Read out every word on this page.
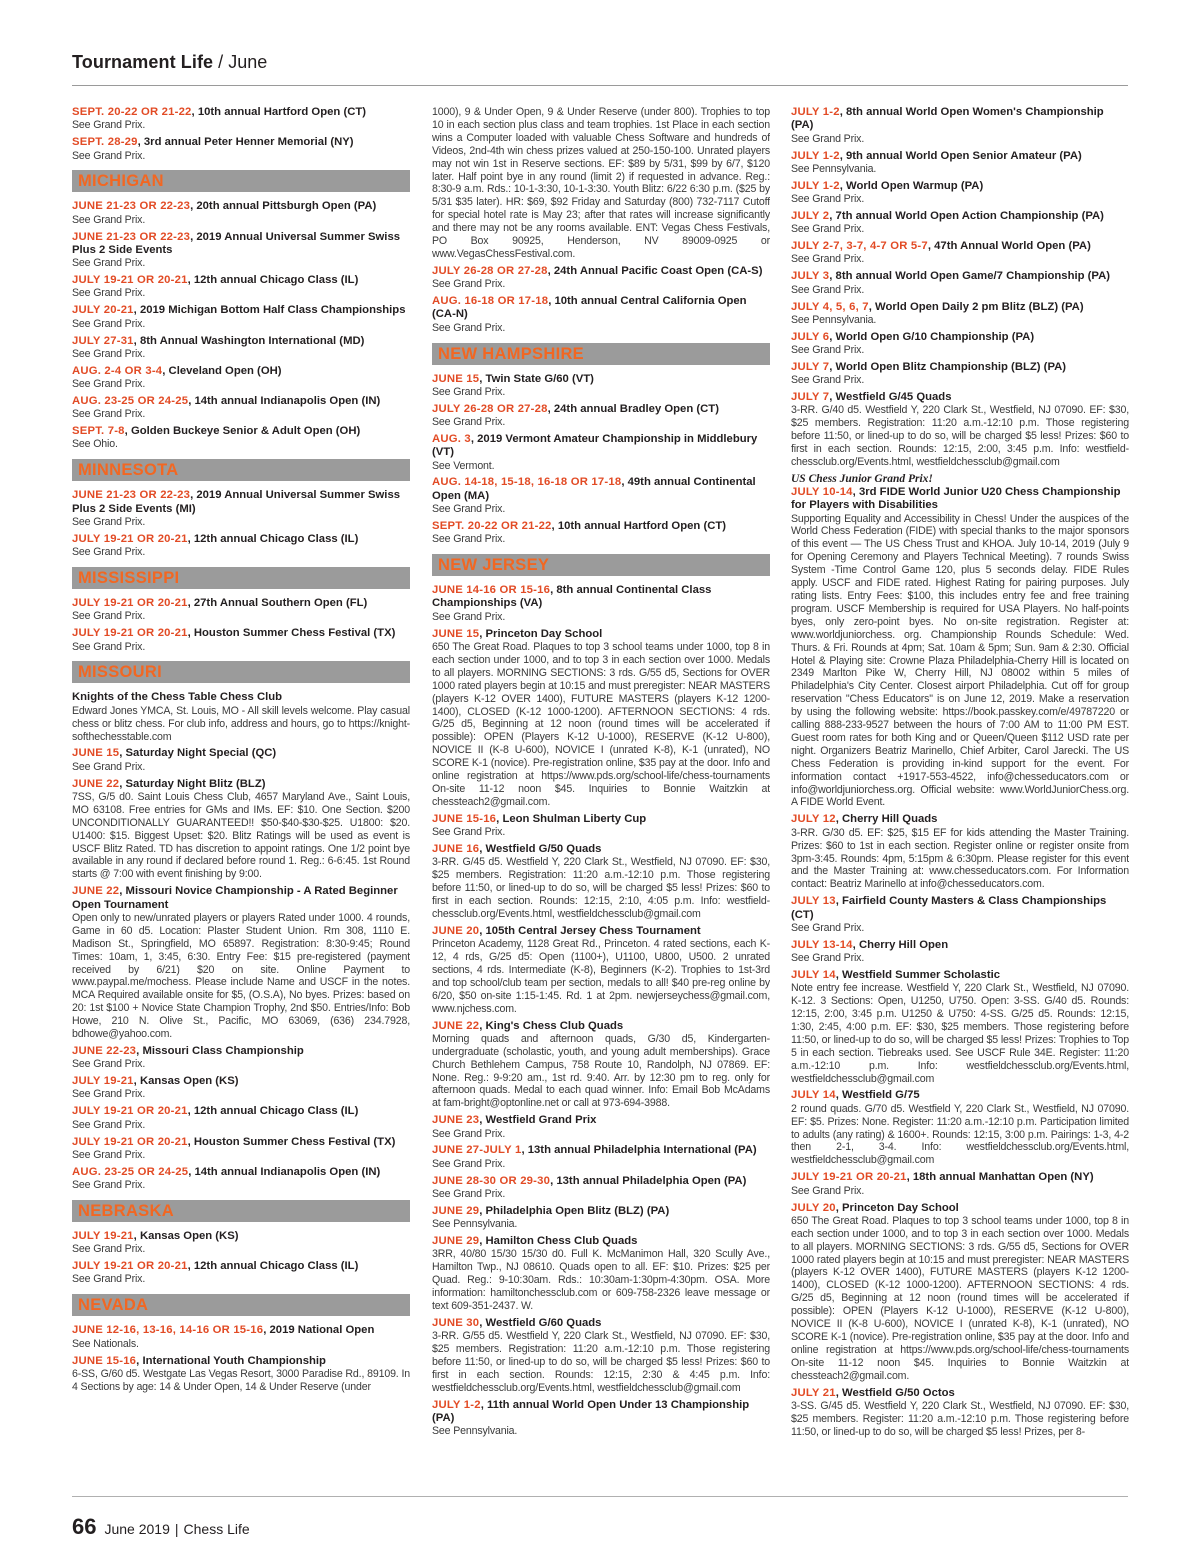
Tournament Life / June
SEPT. 20-22 OR 21-22, 10th annual Hartford Open (CT)
See Grand Prix.
SEPT. 28-29, 3rd annual Peter Henner Memorial (NY)
See Grand Prix.
MICHIGAN
JUNE 21-23 OR 22-23, 20th annual Pittsburgh Open (PA)
See Grand Prix.
JUNE 21-23 OR 22-23, 2019 Annual Universal Summer Swiss Plus 2 Side Events
See Grand Prix.
JULY 19-21 OR 20-21, 12th annual Chicago Class (IL)
See Grand Prix.
JULY 20-21, 2019 Michigan Bottom Half Class Championships
See Grand Prix.
JULY 27-31, 8th Annual Washington International (MD)
See Grand Prix.
AUG. 2-4 OR 3-4, Cleveland Open (OH)
See Grand Prix.
AUG. 23-25 OR 24-25, 14th annual Indianapolis Open (IN)
See Grand Prix.
SEPT. 7-8, Golden Buckeye Senior & Adult Open (OH)
See Ohio.
MINNESOTA
JUNE 21-23 OR 22-23, 2019 Annual Universal Summer Swiss Plus 2 Side Events (MI)
See Grand Prix.
JULY 19-21 OR 20-21, 12th annual Chicago Class (IL)
See Grand Prix.
MISSISSIPPI
JULY 19-21 OR 20-21, 27th Annual Southern Open (FL)
See Grand Prix.
JULY 19-21 OR 20-21, Houston Summer Chess Festival (TX)
See Grand Prix.
MISSOURI
Knights of the Chess Table Chess Club
Edward Jones YMCA, St. Louis, MO - All skill levels welcome. Play casual chess or blitz chess. For club info, address and hours, go to https://knight-softhechesstable.com
JUNE 15, Saturday Night Special (QC)
See Grand Prix.
JUNE 22, Saturday Night Blitz (BLZ)
7SS, G/5 d0. Saint Louis Chess Club, 4657 Maryland Ave., Saint Louis, MO 63108. Free entries for GMs and IMs. EF: $10. One Section. $200 UNCONDITIONALLY GUARANTEED!! $50-$40-$30-$25. U1800: $20. U1400: $15. Biggest Upset: $20. Blitz Ratings will be used as event is USCF Blitz Rated. TD has discretion to appoint ratings. One 1/2 point bye available in any round if declared before round 1. Reg.: 6-6:45. 1st Round starts @ 7:00 with event finishing by 9:00.
JUNE 22, Missouri Novice Championship - A Rated Beginner Open Tournament
Open only to new/unrated players or players Rated under 1000. 4 rounds, Game in 60 d5. Location: Plaster Student Union. Rm 308, 1110 E. Madison St., Springfield, MO 65897. Registration: 8:30-9:45; Round Times: 10am, 1, 3:45, 6:30. Entry Fee: $15 pre-registered (payment received by 6/21) $20 on site. Online Payment to www.paypal.me/mochess. Please include Name and USCF in the notes. MCA Required available onsite for $5, (O.S.A), No byes. Prizes: based on 20: 1st $100 + Novice State Champion Trophy, 2nd $50. Entries/Info: Bob Howe, 210 N. Olive St., Pacific, MO 63069, (636) 234.7928, bdhowe@yahoo.com.
JUNE 22-23, Missouri Class Championship
See Grand Prix.
JULY 19-21, Kansas Open (KS)
See Grand Prix.
JULY 19-21 OR 20-21, 12th annual Chicago Class (IL)
See Grand Prix.
JULY 19-21 OR 20-21, Houston Summer Chess Festival (TX)
See Grand Prix.
AUG. 23-25 OR 24-25, 14th annual Indianapolis Open (IN)
See Grand Prix.
NEBRASKA
JULY 19-21, Kansas Open (KS)
See Grand Prix.
JULY 19-21 OR 20-21, 12th annual Chicago Class (IL)
See Grand Prix.
NEVADA
JUNE 12-16, 13-16, 14-16 OR 15-16, 2019 National Open
See Nationals.
JUNE 15-16, International Youth Championship
6-SS, G/60 d5. Westgate Las Vegas Resort, 3000 Paradise Rd., 89109. In 4 Sections by age: 14 & Under Open, 14 & Under Reserve (under
1000), 9 & Under Open, 9 & Under Reserve (under 800). Trophies to top 10 in each section plus class and team trophies. 1st Place in each section wins a Computer loaded with valuable Chess Software and hundreds of Videos, 2nd-4th win chess prizes valued at 250-150-100. Unrated players may not win 1st in Reserve sections. EF: $89 by 5/31, $99 by 6/7, $120 later. Half point bye in any round (limit 2) if requested in advance. Reg.: 8:30-9 a.m. Rds.: 10-1-3:30, 10-1-3:30. Youth Blitz: 6/22 6:30 p.m. ($25 by 5/31 $35 later). HR: $69, $92 Friday and Saturday (800) 732-7117 Cutoff for special hotel rate is May 23; after that rates will increase significantly and there may not be any rooms available. ENT: Vegas Chess Festivals, PO Box 90925, Henderson, NV 89009-0925 or www.VegasChessFestival.com.
JULY 26-28 OR 27-28, 24th Annual Pacific Coast Open (CA-S)
See Grand Prix.
AUG. 16-18 OR 17-18, 10th annual Central California Open (CA-N)
See Grand Prix.
NEW HAMPSHIRE
JUNE 15, Twin State G/60 (VT)
See Grand Prix.
JULY 26-28 OR 27-28, 24th annual Bradley Open (CT)
See Grand Prix.
AUG. 3, 2019 Vermont Amateur Championship in Middlebury (VT)
See Vermont.
AUG. 14-18, 15-18, 16-18 OR 17-18, 49th annual Continental Open (MA)
See Grand Prix.
SEPT. 20-22 OR 21-22, 10th annual Hartford Open (CT)
See Grand Prix.
NEW JERSEY
JUNE 14-16 OR 15-16, 8th annual Continental Class Championships (VA)
See Grand Prix.
JUNE 15, Princeton Day School
650 The Great Road. Plaques to top 3 school teams under 1000, top 8 in each section under 1000, and to top 3 in each section over 1000. Medals to all players. MORNING SECTIONS: 3 rds. G/55 d5, Sections for OVER 1000 rated players begin at 10:15 and must preregister: NEAR MASTERS (players K-12 OVER 1400), FUTURE MASTERS (players K-12 1200- 1400), CLOSED (K-12 1000-1200). AFTERNOON SECTIONS: 4 rds. G/25 d5, Beginning at 12 noon (round times will be accelerated if possible): OPEN (Players K-12 U-1000), RESERVE (K-12 U-800), NOVICE II (K-8 U-600), NOVICE I (unrated K-8), K-1 (unrated), NO SCORE K-1 (novice). Pre-registration online, $35 pay at the door. Info and online registration at https://www.pds.org/school-life/chess-tournaments On-site 11-12 noon $45. Inquiries to Bonnie Waitzkin at chessteach2@gmail.com.
JUNE 15-16, Leon Shulman Liberty Cup
See Grand Prix.
JUNE 16, Westfield G/50 Quads
3-RR. G/45 d5. Westfield Y, 220 Clark St., Westfield, NJ 07090. EF: $30, $25 members. Registration: 11:20 a.m.-12:10 p.m. Those registering before 11:50, or lined-up to do so, will be charged $5 less! Prizes: $60 to first in each section. Rounds: 12:15, 2:10, 4:05 p.m. Info: westfield-chessclub.org/Events.html, westfieldchessclub@gmail.com
JUNE 20, 105th Central Jersey Chess Tournament
Princeton Academy, 1128 Great Rd., Princeton. 4 rated sections, each K-12, 4 rds, G/25 d5: Open (1100+), U1100, U800, U500. 2 unrated sections, 4 rds. Intermediate (K-8), Beginners (K-2). Trophies to 1st-3rd and top school/club team per section, medals to all! $40 pre-reg online by 6/20, $50 on-site 1:15-1:45. Rd. 1 at 2pm. newjerseychess@gmail.com, www.njchess.com.
JUNE 22, King's Chess Club Quads
Morning quads and afternoon quads, G/30 d5, Kindergarten-undergraduate (scholastic, youth, and young adult memberships). Grace Church Bethlehem Campus, 758 Route 10, Randolph, NJ 07869. EF: None. Reg.: 9-9:20 am., 1st rd. 9:40. Arr. by 12:30 pm to reg. only for afternoon quads. Medal to each quad winner. Info: Email Bob McAdams at fam-bright@optonline.net or call at 973-694-3988.
JUNE 23, Westfield Grand Prix
See Grand Prix.
JUNE 27-JULY 1, 13th annual Philadelphia International (PA)
See Grand Prix.
JUNE 28-30 OR 29-30, 13th annual Philadelphia Open (PA)
See Grand Prix.
JUNE 29, Philadelphia Open Blitz (BLZ) (PA)
See Pennsylvania.
JUNE 29, Hamilton Chess Club Quads
3RR, 40/80 15/30 15/30 d0. Full K. McManimon Hall, 320 Scully Ave., Hamilton Twp., NJ 08610. Quads open to all. EF: $10. Prizes: $25 per Quad. Reg.: 9-10:30am. Rds.: 10:30am-1:30pm-4:30pm. OSA. More information: hamiltonchessclub.com or 609-758-2326 leave message or text 609-351-2437. W.
JUNE 30, Westfield G/60 Quads
3-RR. G/55 d5. Westfield Y, 220 Clark St., Westfield, NJ 07090. EF: $30, $25 members. Registration: 11:20 a.m.-12:10 p.m. Those registering before 11:50, or lined-up to do so, will be charged $5 less! Prizes: $60 to first in each section. Rounds: 12:15, 2:30 & 4:45 p.m. Info: westfieldchessclub.org/Events.html, westfieldchessclub@gmail.com
JULY 1-2, 11th annual World Open Under 13 Championship (PA)
See Pennsylvania.
JULY 1-2, 8th annual World Open Women's Championship (PA)
See Grand Prix.
JULY 1-2, 9th annual World Open Senior Amateur (PA)
See Pennsylvania.
JULY 1-2, World Open Warmup (PA)
See Grand Prix.
JULY 2, 7th annual World Open Action Championship (PA)
See Grand Prix.
JULY 2-7, 3-7, 4-7 OR 5-7, 47th Annual World Open (PA)
See Grand Prix.
JULY 3, 8th annual World Open Game/7 Championship (PA)
See Grand Prix.
JULY 4, 5, 6, 7, World Open Daily 2 pm Blitz (BLZ) (PA)
See Pennsylvania.
JULY 6, World Open G/10 Championship (PA)
See Grand Prix.
JULY 7, World Open Blitz Championship (BLZ) (PA)
See Grand Prix.
JULY 7, Westfield G/45 Quads
3-RR. G/40 d5. Westfield Y, 220 Clark St., Westfield, NJ 07090. EF: $30, $25 members. Registration: 11:20 a.m.-12:10 p.m. Those registering before 11:50, or lined-up to do so, will be charged $5 less! Prizes: $60 to first in each section. Rounds: 12:15, 2:00, 3:45 p.m. Info: westfield-chessclub.org/Events.html, westfieldchessclub@gmail.com
US Chess Junior Grand Prix!
JULY 10-14, 3rd FIDE World Junior U20 Chess Championship for Players with Disabilities
Supporting Equality and Accessibility in Chess! Under the auspices of the World Chess Federation (FIDE) with special thanks to the major sponsors of this event — The US Chess Trust and KHOA. July 10-14, 2019 (July 9 for Opening Ceremony and Players Technical Meeting). 7 rounds Swiss System -Time Control Game 120, plus 5 seconds delay. FIDE Rules apply. USCF and FIDE rated. Highest Rating for pairing purposes. July rating lists. Entry Fees: $100, this includes entry fee and free training program. USCF Membership is required for USA Players. No half-points byes, only zero-point byes. No on-site registration. Register at: www.worldjuniorchess. org. Championship Rounds Schedule: Wed. Thurs. & Fri. Rounds at 4pm; Sat. 10am & 5pm; Sun. 9am & 2:30. Official Hotel & Playing site: Crowne Plaza Philadelphia-Cherry Hill is located on 2349 Marlton Pike W, Cherry Hill, NJ 08002 within 5 miles of Philadelphia's City Center. Closest airport Philadelphia. Cut off for group reservation "Chess Educators" is on June 12, 2019. Make a reservation by using the following website: https://book.passkey.com/e/49787220 or calling 888-233-9527 between the hours of 7:00 AM to 11:00 PM EST. Guest room rates for both King and or Queen/Queen $112 USD rate per night. Organizers Beatriz Marinello, Chief Arbiter, Carol Jarecki. The US Chess Federation is providing in-kind support for the event. For information contact +1917-553-4522, info@chesseducators.com or info@worldjuniorchess.org. Official website: www.WorldJuniorChess.org. A FIDE World Event.
JULY 12, Cherry Hill Quads
3-RR. G/30 d5. EF: $25, $15 EF for kids attending the Master Training. Prizes: $60 to 1st in each section. Register online or register onsite from 3pm-3:45. Rounds: 4pm, 5:15pm & 6:30pm. Please register for this event and the Master Training at: www.chesseducators.com. For Information contact: Beatriz Marinello at info@chesseducators.com.
JULY 13, Fairfield County Masters & Class Championships (CT)
See Grand Prix.
JULY 13-14, Cherry Hill Open
See Grand Prix.
JULY 14, Westfield Summer Scholastic
Note entry fee increase. Westfield Y, 220 Clark St., Westfield, NJ 07090. K-12. 3 Sections: Open, U1250, U750. Open: 3-SS. G/40 d5. Rounds: 12:15, 2:00, 3:45 p.m. U1250 & U750: 4-SS. G/25 d5. Rounds: 12:15, 1:30, 2:45, 4:00 p.m. EF: $30, $25 members. Those registering before 11:50, or lined-up to do so, will be charged $5 less! Prizes: Trophies to Top 5 in each section. Tiebreaks used. See USCF Rule 34E. Register: 11:20 a.m.-12:10 p.m. Info: westfieldchessclub.org/Events.html, westfieldchessclub@gmail.com
JULY 14, Westfield G/75
2 round quads. G/70 d5. Westfield Y, 220 Clark St., Westfield, NJ 07090. EF: $5. Prizes: None. Register: 11:20 a.m.-12:10 p.m. Participation limited to adults (any rating) & 1600+. Rounds: 12:15, 3:00 p.m. Pairings: 1-3, 4-2 then 2-1, 3-4. Info: westfieldchessclub.org/Events.html, westfieldchessclub@gmail.com
JULY 19-21 OR 20-21, 18th annual Manhattan Open (NY)
See Grand Prix.
JULY 20, Princeton Day School
650 The Great Road. Plaques to top 3 school teams under 1000, top 8 in each section under 1000, and to top 3 in each section over 1000. Medals to all players. MORNING SECTIONS: 3 rds. G/55 d5, Sections for OVER 1000 rated players begin at 10:15 and must preregister: NEAR MASTERS (players K-12 OVER 1400), FUTURE MASTERS (players K-12 1200- 1400), CLOSED (K-12 1000-1200). AFTERNOON SECTIONS: 4 rds. G/25 d5, Beginning at 12 noon (round times will be accelerated if possible): OPEN (Players K-12 U-1000), RESERVE (K-12 U-800), NOVICE II (K-8 U-600), NOVICE I (unrated K-8), K-1 (unrated), NO SCORE K-1 (novice). Pre-registration online, $35 pay at the door. Info and online registration at https://www.pds.org/school-life/chess-tournaments On-site 11-12 noon $45. Inquiries to Bonnie Waitzkin at chessteach2@gmail.com.
JULY 21, Westfield G/50 Octos
3-SS. G/45 d5. Westfield Y, 220 Clark St., Westfield, NJ 07090. EF: $30, $25 members. Register: 11:20 a.m.-12:10 p.m. Those registering before 11:50, or lined-up to do so, will be charged $5 less! Prizes, per 8-
66 June 2019 | Chess Life
